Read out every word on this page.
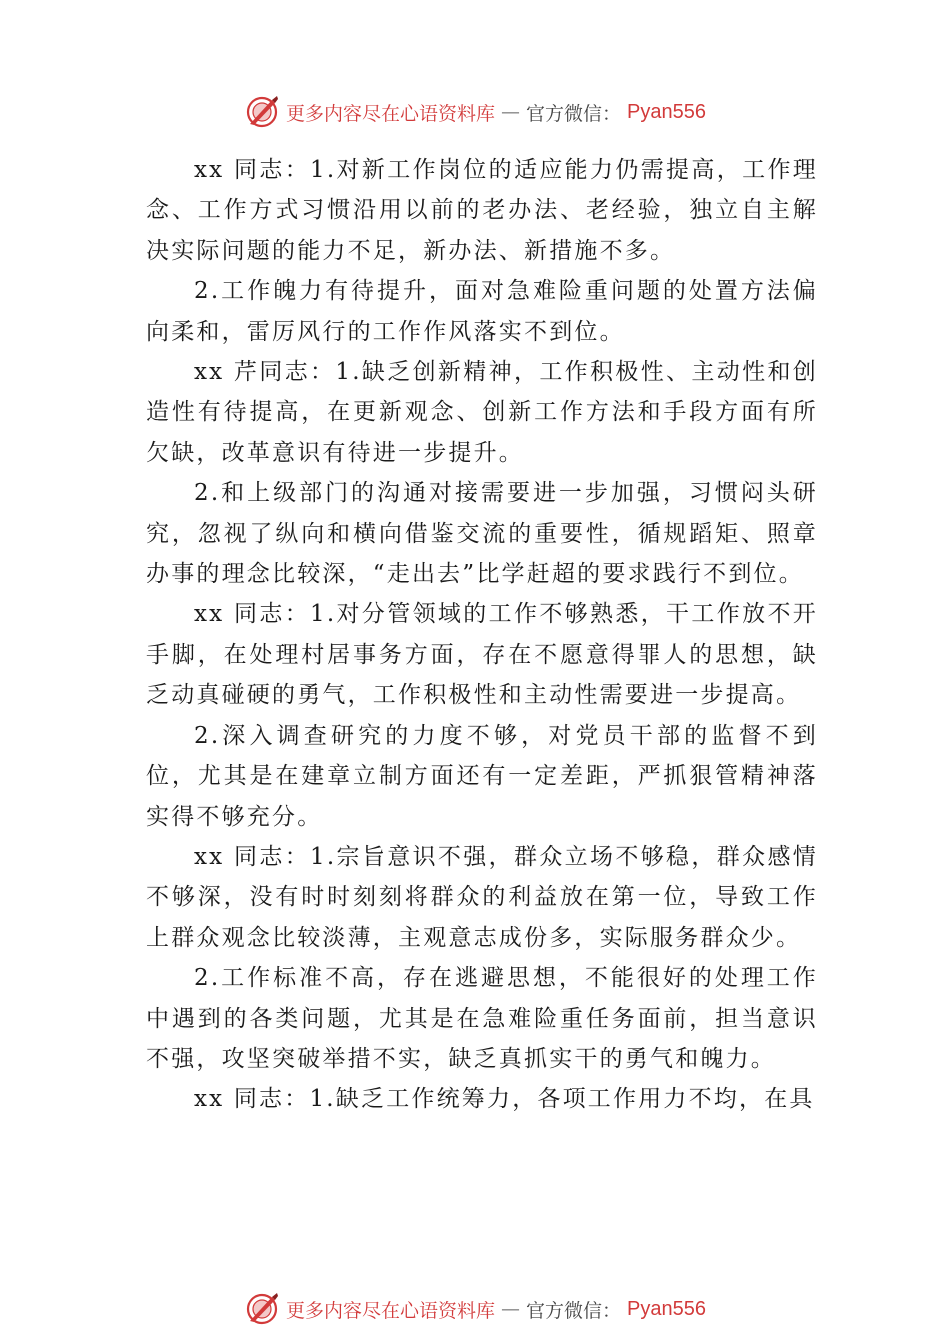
更多内容尽在心语资料库 — 官方微信： Pyan556

xx 同志：1.对新工作岗位的适应能力仍需提高，工作理念、工作方式习惯沿用以前的老办法、老经验，独立自主解决实际问题的能力不足，新办法、新措施不多。

2.工作魄力有待提升，面对急难险重问题的处置方法偏向柔和，雷厉风行的工作作风落实不到位。

xx 芹同志：1.缺乏创新精神，工作积极性、主动性和创造性有待提高，在更新观念、创新工作方法和手段方面有所欠缺，改革意识有待进一步提升。

2.和上级部门的沟通对接需要进一步加强，习惯闷头研究，忽视了纵向和横向借鉴交流的重要性，循规蹈矩、照章办事的理念比较深，“走出去”比学赶超的要求践行不到位。

xx 同志：1.对分管领域的工作不够熟悉，干工作放不开手脚，在处理村居事务方面，存在不愿意得罪人的思想，缺乏动真碰硬的勇气，工作积极性和主动性需要进一步提高。

2.深入调查研究的力度不够，对党员干部的监督不到位，尤其是在建章立制方面还有一定差距，严抓狠管精神落实得不够充分。

xx 同志：1.宗旨意识不强，群众立场不够稳，群众感情不够深，没有时时刻刻将群众的利益放在第一位，导致工作上群众观念比较淡薄，主观意志成份多，实际服务群众少。

2.工作标准不高，存在逃避思想，不能很好的处理工作中遇到的各类问题，尤其是在急难险重任务面前，担当意识不强，攻坚突破举措不实，缺乏真抓实干的勇气和魄力。

xx 同志：1.缺乏工作统筹力，各项工作用力不均，在具

更多内容尽在心语资料库 — 官方微信： Pyan556
